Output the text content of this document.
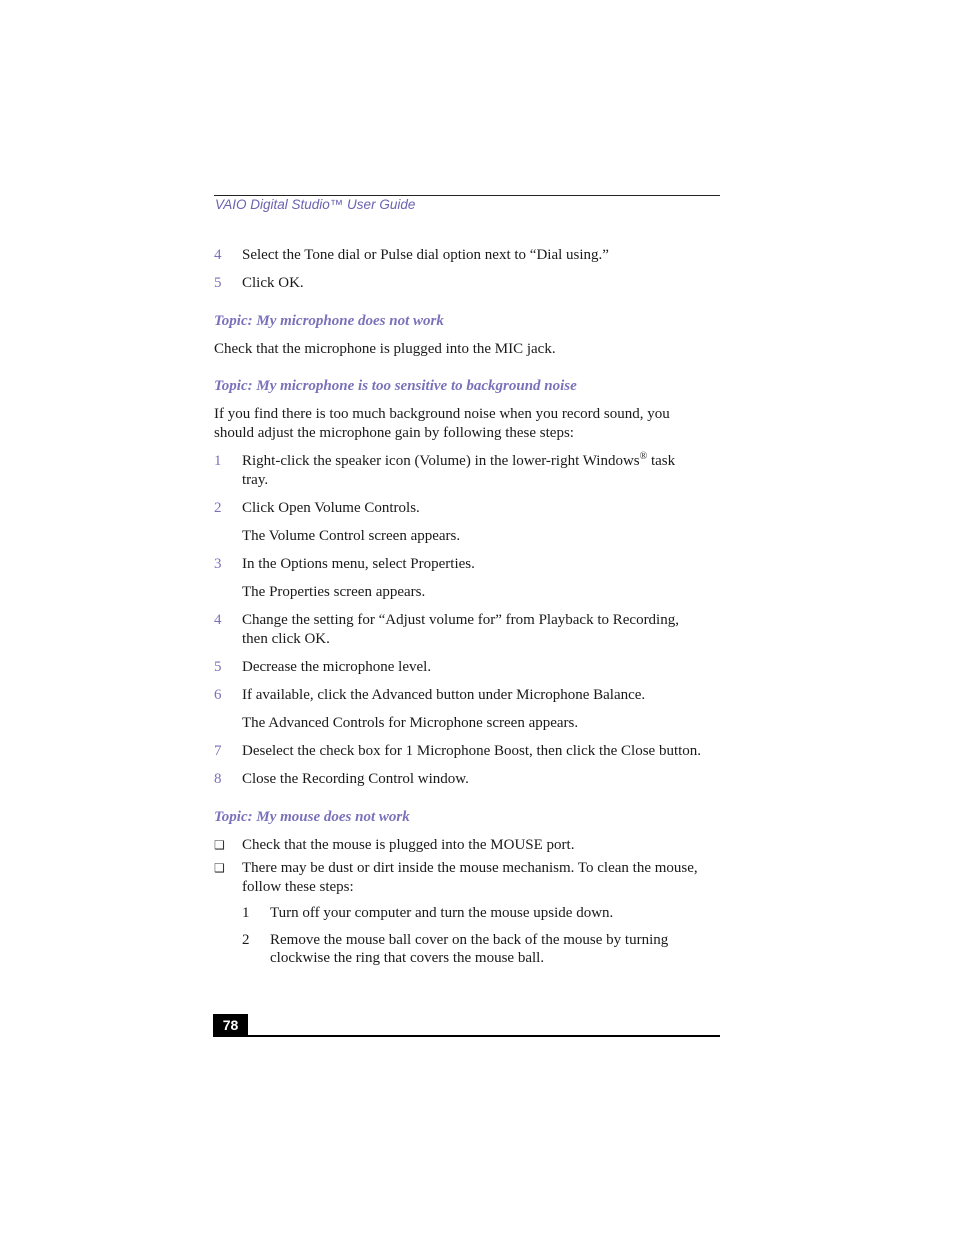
VAIO Digital Studio™ User Guide
4 Select the Tone dial or Pulse dial option next to “Dial using.”
5 Click OK.
Topic: My microphone does not work
Check that the microphone is plugged into the MIC jack.
Topic: My microphone is too sensitive to background noise
If you find there is too much background noise when you record sound, you
should adjust the microphone gain by following these steps:
1 Right-click the speaker icon (Volume) in the lower-right Windows® task
tray.
2 Click Open Volume Controls.
The Volume Control screen appears.
3 In the Options menu, select Properties.
The Properties screen appears.
4 Change the setting for “Adjust volume for” from Playback to Recording,
then click OK.
5 Decrease the microphone level.
6 If available, click the Advanced button under Microphone Balance.
The Advanced Controls for Microphone screen appears.
7 Deselect the check box for 1 Microphone Boost, then click the Close button.
8 Close the Recording Control window.
Topic: My mouse does not work
❑ Check that the mouse is plugged into the MOUSE port.
❑ There may be dust or dirt inside the mouse mechanism. To clean the mouse,
follow these steps:
1 Turn off your computer and turn the mouse upside down.
2 Remove the mouse ball cover on the back of the mouse by turning
clockwise the ring that covers the mouse ball.
78
